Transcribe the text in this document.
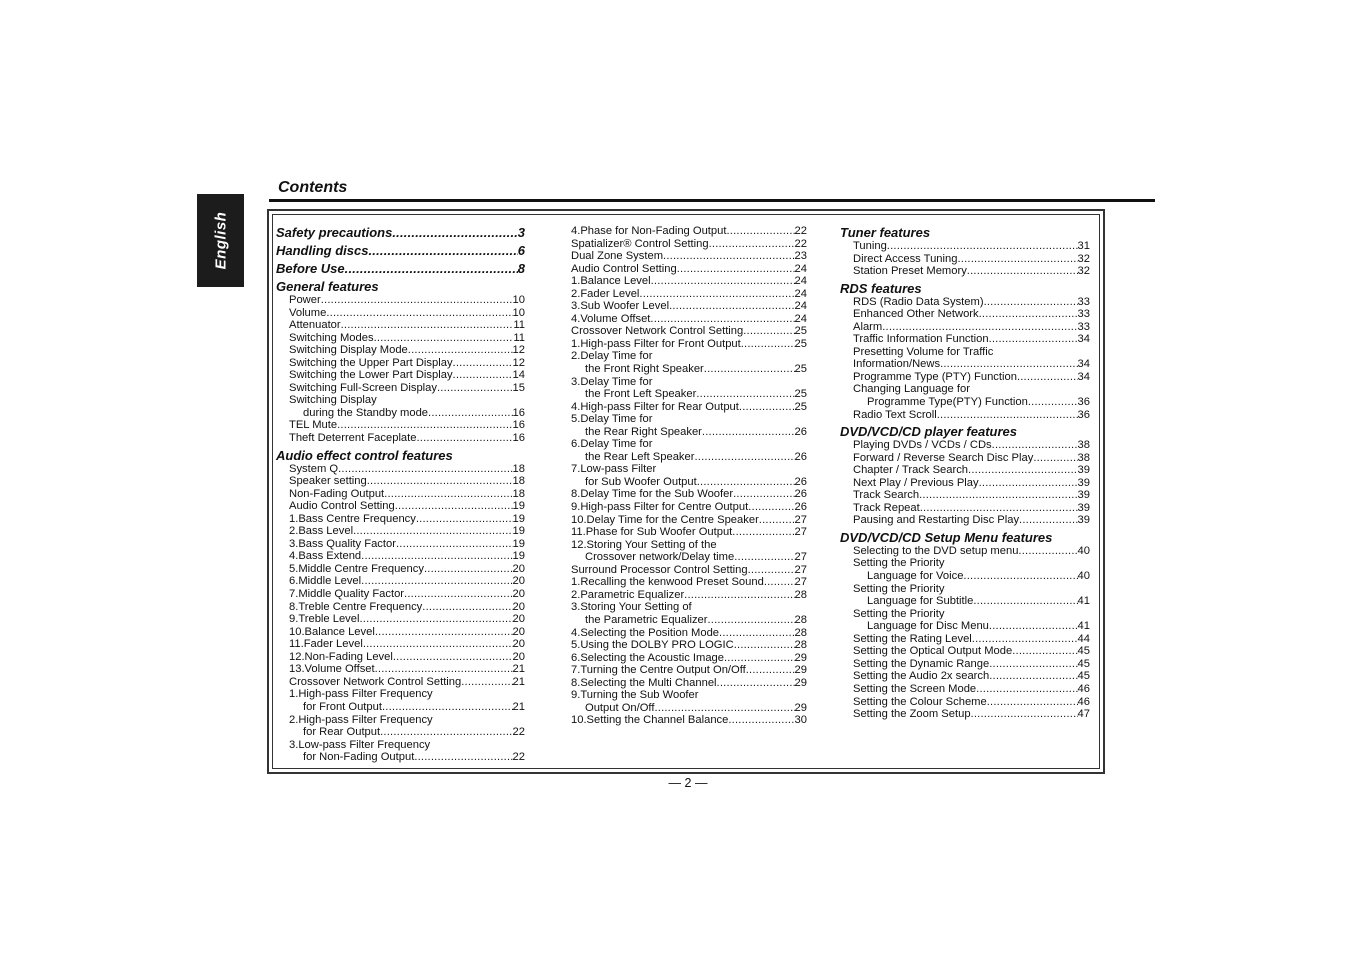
English
Contents
Safety precautions .....	3
Handling discs .....	6
Before Use .....	8
General features
Power .....	10
Volume .....	10
Attenuator .....	11
Switching Modes .....	11
Switching Display Mode .....	12
Switching the Upper Part Display .....	12
Switching the Lower Part Display .....	14
Switching Full-Screen Display .....	15
Switching Display
during the Standby mode .....	16
TEL Mute .....	16
Theft Deterrent Faceplate .....	16
Audio effect control features
System Q .....	18
Speaker setting .....	18
Non-Fading Output .....	18
Audio Control Setting .....	19
1.Bass Centre Frequency .....	19
2.Bass Level .....	19
3.Bass Quality Factor .....	19
4.Bass Extend .....	19
5.Middle Centre Frequency .....	20
6.Middle Level .....	20
7.Middle Quality Factor .....	20
8.Treble Centre Frequency .....	20
9.Treble Level .....	20
10.Balance Level .....	20
11.Fader Level .....	20
12.Non-Fading Level .....	20
13.Volume Offset .....	21
Crossover Network Control Setting .....	21
1.High-pass Filter Frequency
for Front Output .....	21
2.High-pass Filter Frequency
for Rear Output .....	22
3.Low-pass Filter Frequency
for Non-Fading Output .....	22
4.Phase for Non-Fading Output .....	22
Spatializer® Control Setting .....	22
Dual Zone System .....	23
Audio Control Setting .....	24
1.Balance Level .....	24
2.Fader Level .....	24
3.Sub Woofer Level .....	24
4.Volume Offset .....	24
Crossover Network Control Setting .....	25
1.High-pass Filter for Front Output .....	25
2.Delay Time for
the Front Right Speaker .....	25
3.Delay Time for
the Front Left Speaker .....	25
4.High-pass Filter for Rear Output .....	25
5.Delay Time for
the Rear Right Speaker .....	26
6.Delay Time for
the Rear Left Speaker .....	26
7.Low-pass Filter
for Sub Woofer Output .....	26
8.Delay Time for the Sub Woofer .....	26
9.High-pass Filter for Centre Output .....	26
10.Delay Time for the Centre Speaker .....	27
11.Phase for Sub Woofer Output .....	27
12.Storing Your Setting of the
Crossover network/Delay time .....	27
Surround Processor Control Setting .....	27
1.Recalling the kenwood Preset Sound .....	27
2.Parametric Equalizer .....	28
3.Storing Your Setting of
the Parametric Equalizer .....	28
4.Selecting the Position Mode .....	28
5.Using the DOLBY PRO LOGIC .....	28
6.Selecting the Acoustic Image .....	29
7.Turning the Centre Output On/Off .....	29
8.Selecting the Multi Channel .....	29
9.Turning the Sub Woofer
Output On/Off .....	29
10.Setting the Channel Balance .....	30
Tuner features
Tuning .....	31
Direct Access Tuning .....	32
Station Preset Memory .....	32
RDS features
RDS (Radio Data System) .....	33
Enhanced Other Network .....	33
Alarm .....	33
Traffic Information Function .....	34
Presetting Volume for Traffic
Information/News .....	34
Programme Type (PTY) Function .....	34
Changing Language for
Programme Type(PTY) Function .....	36
Radio Text Scroll .....	36
DVD/VCD/CD player features
Playing DVDs / VCDs / CDs .....	38
Forward / Reverse Search Disc Play .....	38
Chapter / Track Search .....	39
Next Play / Previous Play .....	39
Track Search .....	39
Track Repeat .....	39
Pausing and Restarting Disc Play .....	39
DVD/VCD/CD Setup Menu features
Selecting to the DVD setup menu .....	40
Setting the Priority
Language for Voice .....	40
Setting the Priority
Language for Subtitle .....	41
Setting the Priority
Language for Disc Menu .....	41
Setting the Rating Level .....	44
Setting the Optical Output Mode .....	45
Setting the Dynamic Range .....	45
Setting the Audio 2x search .....	45
Setting the Screen Mode .....	46
Setting the Colour Scheme .....	46
Setting the Zoom Setup .....	47
— 2 —
